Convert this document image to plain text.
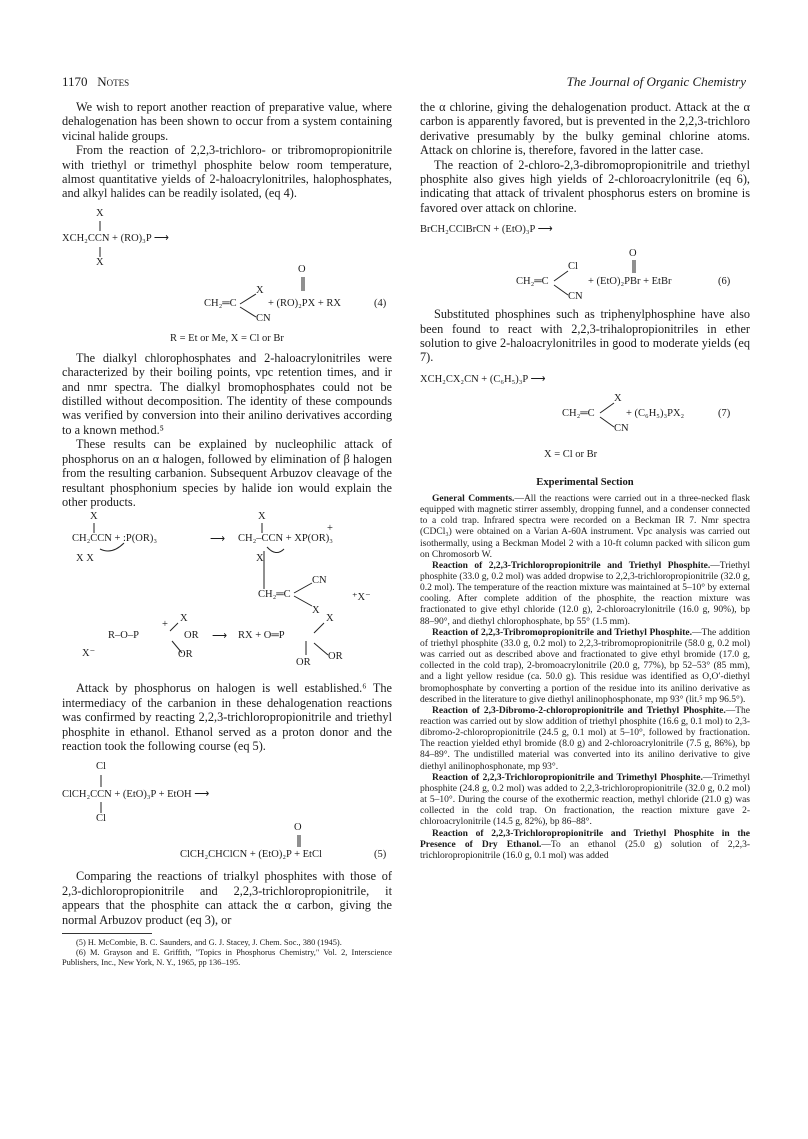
1170 Notes	The Journal of Organic Chemistry

We wish to report another reaction of preparative value, where dehalogenation has been shown to occur from a system containing vicinal halide groups.

From the reaction of 2,2,3-trichloro- or tribromopropionitrile with triethyl or trimethyl phosphite below room temperature, almost quantitative yields of 2-haloacrylonitriles, halophosphates, and alkyl halides can be readily isolated, (eq 4).

X
XCH₂CCN + (RO)₃P ⟶
X
O
X
CH₂═C
CN
+ (RO)₂PX + RX	(4)
R = Et or Me, X = Cl or Br

The dialkyl chlorophosphates and 2-haloacrylonitriles were characterized by their boiling points, vpc retention times, and ir and nmr spectra. The dialkyl bromophosphates could not be distilled without decomposition. The identity of these compounds was verified by conversion into their anilino derivatives according to a known method.⁵

These results can be explained by nucleophilic attack of phosphorus on an α halogen, followed by elimination of β halogen from the resulting carbanion. Subsequent Arbuzov cleavage of the resultant phosphonium species by halide ion would explain the other products.

X	X
CH₂CCN + :P(OR)₃
X X
⟶ CH₂–CCN + XP(OR)₃
+
X
CN
CH₂═C
X
⁺X⁻
X
+
R–O–P	OR
X⁻	OR
⟶ RX + O═P
X
OR
OR

Attack by phosphorus on halogen is well established.⁶ The intermediacy of the carbanion in these dehalogenation reactions was confirmed by reacting 2,2,3-trichloropropionitrile and triethyl phosphite in ethanol. Ethanol served as a proton donor and the reaction took the following course (eq 5).

Cl
ClCH₂CCN + (EtO)₃P + EtOH ⟶
Cl
O
ClCH₂CHClCN + (EtO)₂P + EtCl	(5)

Comparing the reactions of trialkyl phosphites with those of 2,3-dichloropropionitrile and 2,2,3-trichloropropionitrile, it appears that the phosphite can attack the α carbon, giving the normal Arbuzov product (eq 3), or

(5) H. McCombie, B. C. Saunders, and G. J. Stacey, J. Chem. Soc., 380 (1945).

(6) M. Grayson and E. Griffith, "Topics in Phosphorus Chemistry," Vol. 2, Interscience Publishers, Inc., New York, N. Y., 1965, pp 136–195.

the α chlorine, giving the dehalogenation product. Attack at the α carbon is apparently favored, but is prevented in the 2,2,3-trichloro derivative presumably by the bulky geminal chlorine atoms. Attack on chlorine is, therefore, favored in the latter case.

The reaction of 2-chloro-2,3-dibromopropionitrile and triethyl phosphite also gives high yields of 2-chloroacrylonitrile (eq 6), indicating that attack of trivalent phosphorus esters on bromine is favored over attack on chlorine.

BrCH₂CClBrCN + (EtO)₃P ⟶
O
Cl
CH₂═C
CN
+ (EtO)₂PBr + EtBr	(6)

Substituted phosphines such as triphenylphosphine have also been found to react with 2,2,3-trihalopropionitriles in ether solution to give 2-haloacrylonitriles in good to moderate yields (eq 7).

XCH₂CX₂CN + (C₆H₅)₃P ⟶
X
CH₂═C
CN
+ (C₆H₅)₃PX₂	(7)
X = Cl or Br
Experimental Section

General Comments.—All the reactions were carried out in a three-necked flask equipped with magnetic stirrer assembly, dropping funnel, and a condenser connected to a cold trap. Infrared spectra were recorded on a Beckman IR 7. Nmr spectra (CDCl₃) were obtained on a Varian A-60A instrument. Vpc analysis was carried out isothermally, using a Beckman Model 2 with a 10-ft column packed with silicon gum on Chromosorb W.

Reaction of 2,2,3-Trichloropropionitrile and Triethyl Phosphite.—Triethyl phosphite (33.0 g, 0.2 mol) was added dropwise to 2,2,3-trichloropropionitrile (32.0 g, 0.2 mol). The temperature of the reaction mixture was maintained at 5–10° by external cooling. After complete addition of the phosphite, the reaction mixture was fractionated to give ethyl chloride (12.0 g), 2-chloroacrylonitrile (16.0 g, 90%), bp 88–90°, and diethyl chlorophosphate, bp 55° (1.5 mm).

Reaction of 2,2,3-Tribromopropionitrile and Triethyl Phosphite.—The addition of triethyl phosphite (33.0 g, 0.2 mol) to 2,2,3-tribromopropionitrile (58.0 g, 0.2 mol) was carried out as described above and fractionated to give ethyl bromide (17.0 g, collected in the cold trap), 2-bromoacrylonitrile (20.0 g, 77%), bp 52–53° (85 mm), and a light yellow residue (ca. 50.0 g). This residue was identified as O,O′-diethyl bromophosphate by converting a portion of the residue into its anilino derivative as described in the literature to give diethyl anilinophosphonate, mp 93° (lit.⁵ mp 96.5°).

Reaction of 2,3-Dibromo-2-chloropropionitrile and Triethyl Phosphite.—The reaction was carried out by slow addition of triethyl phosphite (16.6 g, 0.1 mol) to 2,3-dibromo-2-chloropropionitrile (24.5 g, 0.1 mol) at 5–10°, followed by fractionation. The reaction yielded ethyl bromide (8.0 g) and 2-chloroacrylonitrile (7.5 g, 86%), bp 84–89°. The undistilled material was converted into its anilino derivative to give diethyl anilinophosphonate, mp 93°.

Reaction of 2,2,3-Trichloropropionitrile and Trimethyl Phosphite.—Trimethyl phosphite (24.8 g, 0.2 mol) was added to 2,2,3-trichloropropionitrile (32.0 g, 0.2 mol) at 5–10°. During the course of the exothermic reaction, methyl chloride (21.0 g) was collected in the cold trap. On fractionation, the reaction mixture gave 2-chloroacrylonitrile (14.5 g, 82%), bp 86–88°.

Reaction of 2,2,3-Trichloropropionitrile and Triethyl Phosphite in the Presence of Dry Ethanol.—To an ethanol (25.0 g) solution of 2,2,3-trichloropropionitrile (16.0 g, 0.1 mol) was added
